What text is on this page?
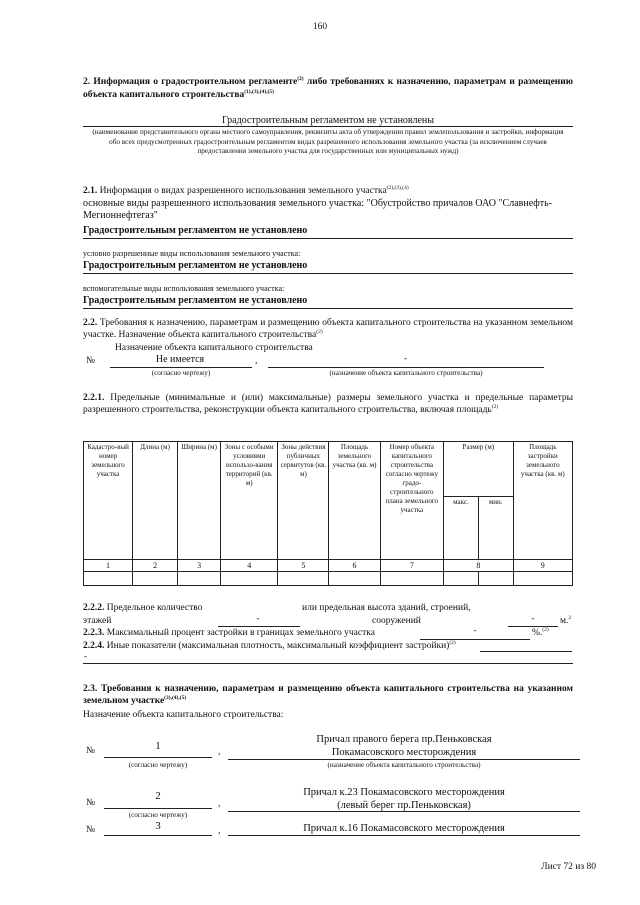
160
2. Информация о градостроительном регламенте$^{(2)}$ либо требованиях к назначению, параметрам и размещению объекта капитального строительства$^{(1),(3),(4),(5)}$
Градостроительным регламентом не установлены
(наименование представительного органа местного самоуправления, реквизиты акта об утверждении правил землепользования и застройки, информация обо всех предусмотренных градостроительным регламентом видах разрешенного использования земельного участка (за исключением случаев предоставления земельного участка для государственных или муниципальных нужд)
2.1. Информация о видах разрешенного использования земельного участка$^{(2),(3),(4)}$
основные виды разрешенного использования земельного участка: "Обустройство причалов ОАО "Славнефть-Мегионнефтегаз"
Градостроительным регламентом не установлено
условно разрешенные виды использования земельного участка:
Градостроительным регламентом не установлено
вспомогательные виды использования земельного участка:
Градостроительным регламентом не установлено
2.2. Требования к назначению, параметрам и размещению объекта капитального строительства на указанном земельном участке. Назначение объекта капитального строительства$^{(2)}$
Назначение объекта капитального строительства
№	Не имеется	,	-
(согласно чертежу)	(назначение объекта капитального строительства)
2.2.1. Предельные (минимальные и (или) максимальные) размеры земельного участка и предельные параметры разрешенного строительства, реконструкции объекта капитального строительства, включая площадь$^{(2)}$
Кадастро-вый номер земельного участка	Длина (м)	Ширина (м)	Зоны с особыми условиями использо-вания территорий (кв. м)	Зоны действия публичных сервитутов (кв. м)	Площадь земельного участка (кв. м)	Номер объекта капитального строительства согласно чертежу градо-строительного плана земельного участка	Размер (м)		Площадь застройки земельного участка (кв. м)
							макс.	мин.	
1	2	3	4	5	6	7	8		9

2.2.2. Предельное количество	или предельная высота зданий, строений,
этажей	-	сооружений	-	м.$^2$
2.2.3. Максимальный процент застройки в границах земельного участка	-	%.$^{(2)}$
2.2.4. Иные показатели (максимальная плотность, максимальный коэффициент застройки)$^{(2)}$
-
2.3. Требования к назначению, параметрам и размещению объекта капитального строительства на указанном земельном участке$^{(3),(4),(5)}$
Назначение объекта капитального строительства:
№	1	,
Причал правого берега пр.Пеньковская
Покамасовского месторождения
(согласно чертежу)	(назначение объекта капитального строительства)
№
2
,
Причал к.23 Покамасовского месторождения
(левый берег пр.Пеньковская)
(согласно чертежу)
№	3	,	Причал к.16 Покамасовского месторождения
Лист 72 из 80
